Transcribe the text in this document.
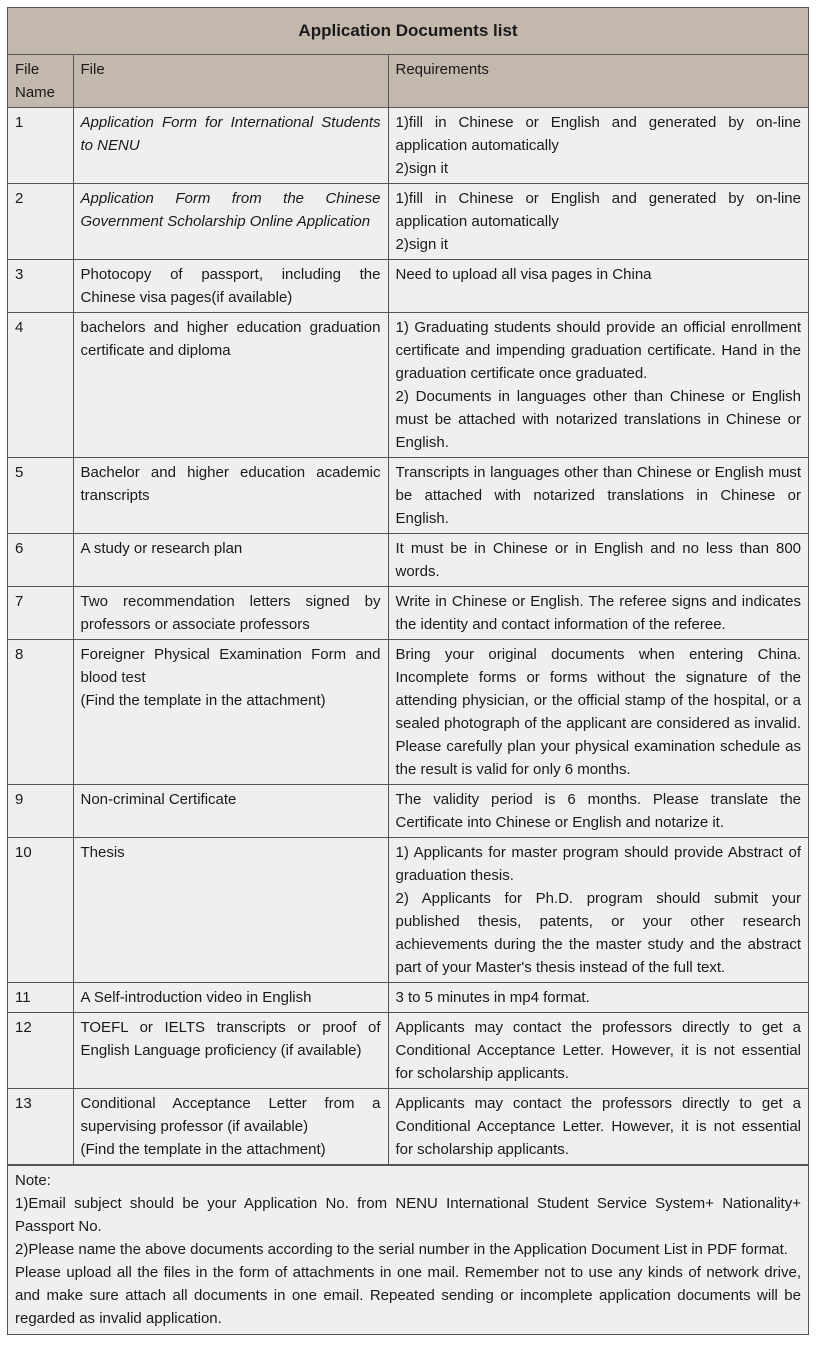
Application Documents list
File Name	File	Requirements
1	Application Form for International Students to NENU	1)fill in Chinese or English and generated by on-line application automatically
2)sign it

2	Application Form from the Chinese Government Scholarship Online Application	1)fill in Chinese or English and generated by on-line application automatically
2)sign it

3	Photocopy of passport, including the Chinese visa pages(if available)	Need to upload all visa pages in China

4	bachelors and higher education graduation certificate and diploma	1) Graduating students should provide an official enrollment certificate and impending graduation certificate. Hand in the graduation certificate once graduated.
2) Documents in languages other than Chinese or English must be attached with notarized translations in Chinese or English.

5	Bachelor and higher education academic transcripts	Transcripts in languages other than Chinese or English must be attached with notarized translations in Chinese or English.

6	A study or research plan	It must be in Chinese or in English and no less than 800 words.

7	Two recommendation letters signed by professors or associate professors	Write in Chinese or English. The referee signs and indicates the identity and contact information of the referee.

8	Foreigner Physical Examination Form and blood test
(Find the template in the attachment)	Bring your original documents when entering China. Incomplete forms or forms without the signature of the attending physician, or the official stamp of the hospital, or a sealed photograph of the applicant are considered as invalid. Please carefully plan your physical examination schedule as the result is valid for only 6 months.

9	Non-criminal Certificate	The validity period is 6 months. Please translate the Certificate into Chinese or English and notarize it.

10	Thesis	1) Applicants for master program should provide Abstract of graduation thesis.
2) Applicants for Ph.D. program should submit your published thesis, patents, or your other research achievements during the the master study and the abstract part of your Master's thesis instead of the full text.

11	A Self-introduction video in English	3 to 5 minutes in mp4 format.

12	TOEFL or IELTS transcripts or proof of English Language proficiency (if available)	Applicants may contact the professors directly to get a Conditional Acceptance Letter. However, it is not essential for scholarship applicants.

13	Conditional Acceptance Letter from a supervising professor (if available)
(Find the template in the attachment)	Applicants may contact the professors directly to get a Conditional Acceptance Letter. However, it is not essential for scholarship applicants.
Note:
1)Email subject should be your Application No. from NENU International Student Service System+ Nationality+ Passport No.
2)Please name the above documents according to the serial number in the Application Document List in PDF format.
Please upload all the files in the form of attachments in one mail. Remember not to use any kinds of network drive, and make sure attach all documents in one email. Repeated sending or incomplete application documents will be regarded as invalid application.
